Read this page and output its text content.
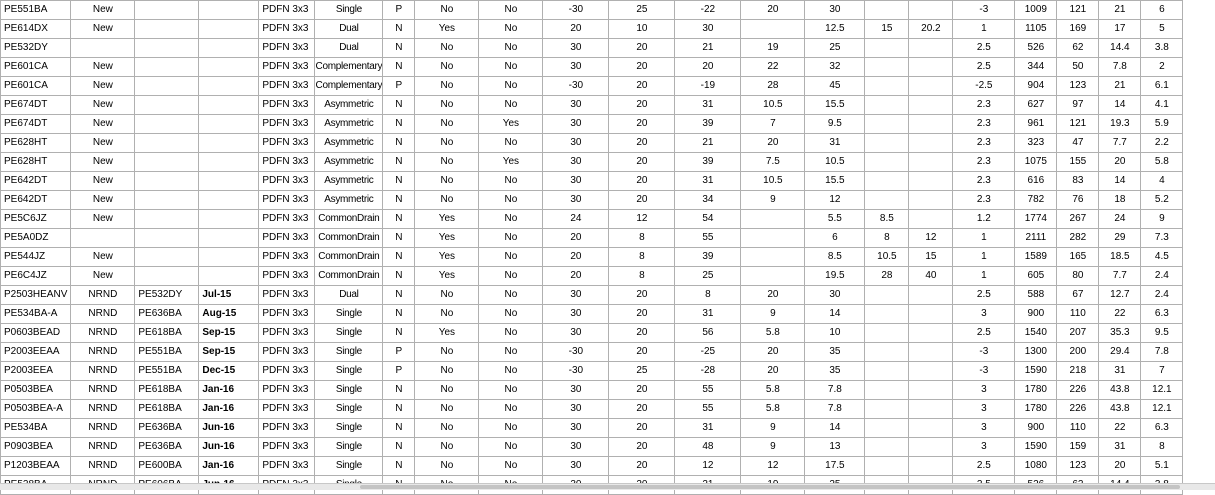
PE551BA	New			PDFN 3x3	Single	P	No	No	-30	25	-22	20	30			-3	1009	121	21	6
PE614DX	New			PDFN 3x3	Dual	N	Yes	No	20	10	30		12.5	15	20.2	1	1105	169	17	5
PE532DY				PDFN 3x3	Dual	N	No	No	30	20	21	19	25			2.5	526	62	14.4	3.8
PE601CA	New			PDFN 3x3	Complementary	N	No	No	30	20	20	22	32			2.5	344	50	7.8	2
PE601CA	New			PDFN 3x3	Complementary	P	No	No	-30	20	-19	28	45			-2.5	904	123	21	6.1
PE674DT	New			PDFN 3x3	Asymmetric	N	No	No	30	20	31	10.5	15.5			2.3	627	97	14	4.1
PE674DT	New			PDFN 3x3	Asymmetric	N	No	Yes	30	20	39	7	9.5			2.3	961	121	19.3	5.9
PE628HT	New			PDFN 3x3	Asymmetric	N	No	No	30	20	21	20	31			2.3	323	47	7.7	2.2
PE628HT	New			PDFN 3x3	Asymmetric	N	No	Yes	30	20	39	7.5	10.5			2.3	1075	155	20	5.8
PE642DT	New			PDFN 3x3	Asymmetric	N	No	No	30	20	31	10.5	15.5			2.3	616	83	14	4
PE642DT	New			PDFN 3x3	Asymmetric	N	No	No	30	20	34	9	12			2.3	782	76	18	5.2
PE5C6JZ	New			PDFN 3x3	CommonDrain	N	Yes	No	24	12	54		5.5	8.5		1.2	1774	267	24	9
PE5A0DZ				PDFN 3x3	CommonDrain	N	Yes	No	20	8	55		6	8	12	1	2111	282	29	7.3
PE544JZ	New			PDFN 3x3	CommonDrain	N	Yes	No	20	8	39		8.5	10.5	15	1	1589	165	18.5	4.5
PE6C4JZ	New			PDFN 3x3	CommonDrain	N	Yes	No	20	8	25		19.5	28	40	1	605	80	7.7	2.4
P2503HEANV	NRND	PE532DY	Jul-15	PDFN 3x3	Dual	N	No	No	30	20	8	20	30			2.5	588	67	12.7	2.4
PE534BA-A	NRND	PE636BA	Aug-15	PDFN 3x3	Single	N	No	No	30	20	31	9	14			3	900	110	22	6.3
P0603BEAD	NRND	PE618BA	Sep-15	PDFN 3x3	Single	N	Yes	No	30	20	56	5.8	10			2.5	1540	207	35.3	9.5
P2003EEAA	NRND	PE551BA	Sep-15	PDFN 3x3	Single	P	No	No	-30	20	-25	20	35			-3	1300	200	29.4	7.8
P2003EEA	NRND	PE551BA	Dec-15	PDFN 3x3	Single	P	No	No	-30	25	-28	20	35			-3	1590	218	31	7
P0503BEA	NRND	PE618BA	Jan-16	PDFN 3x3	Single	N	No	No	30	20	55	5.8	7.8			3	1780	226	43.8	12.1
P0503BEA-A	NRND	PE618BA	Jan-16	PDFN 3x3	Single	N	No	No	30	20	55	5.8	7.8			3	1780	226	43.8	12.1
PE534BA	NRND	PE636BA	Jun-16	PDFN 3x3	Single	N	No	No	30	20	31	9	14			3	900	110	22	6.3
P0903BEA	NRND	PE636BA	Jun-16	PDFN 3x3	Single	N	No	No	30	20	48	9	13			3	1590	159	31	8
P1203BEAA	NRND	PE600BA	Jan-16	PDFN 3x3	Single	N	No	No	30	20	12	12	17.5			2.5	1080	123	20	5.1
